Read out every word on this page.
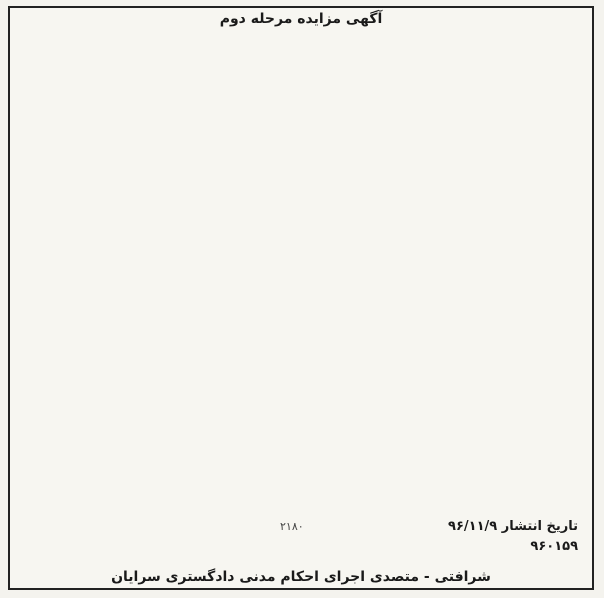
آگهی مزایده مرحله دوم
۲۱۸۰	تاریخ انتشار ۹۶/۱۱/۹
۹۶۰۱۵۹
شرافتی - متصدی اجرای احکام مدنی دادگستری سرایان
